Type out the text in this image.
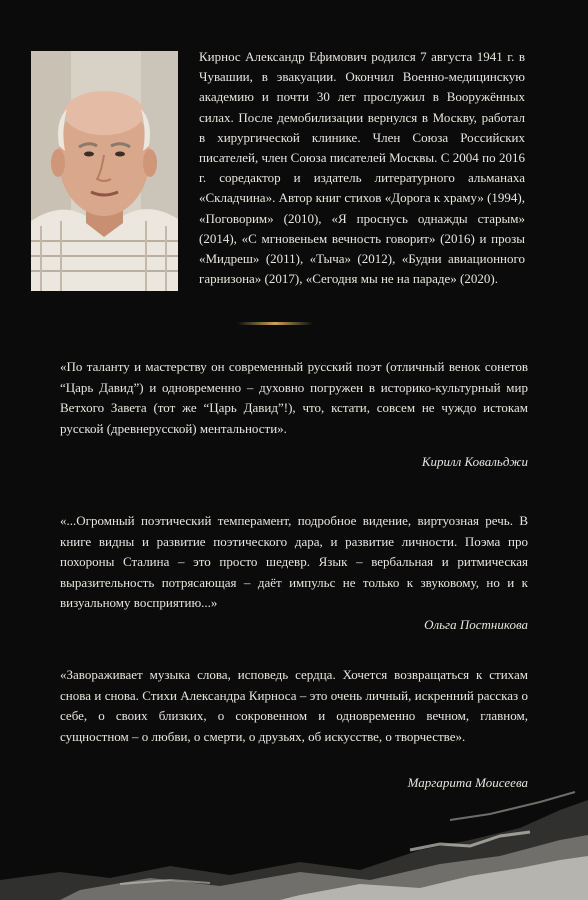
Кирнос Александр Ефимович родился 7 августа 1941 г. в Чувашии, в эвакуации. Окончил Военно-медицинскую академию и почти 30 лет прослужил в Вооружённых силах. После демобилизации вернулся в Москву, работал в хирургической клинике. Член Союза Российских писателей, член Союза писателей Москвы. С 2004 по 2016 г. соредактор и издатель литературного альманаха «Складчина». Автор книг стихов «Дорога к храму» (1994), «Поговорим» (2010), «Я проснусь однажды старым» (2014), «С мгновеньем вечность говорит» (2016) и прозы «Мидреш» (2011), «Тыча» (2012), «Будни авиационного гарнизона» (2017), «Сегодня мы не на параде» (2020).

«По таланту и мастерству он современный русский поэт (отличный венок сонетов “Царь Давид”) и одновременно – духовно погружен в историко-культурный мир Ветхого Завета (тот же “Царь Давид”!), что, кстати, совсем не чуждо истокам русской (древнерусской) ментальности».

Кирилл Ковальджи

«...Огромный поэтический темперамент, подробное видение, виртуозная речь. В книге видны и развитие поэтического дара, и развитие личности. Поэма про похороны Сталина – это просто шедевр. Язык – вербальная и ритмическая выразительность потрясающая – даёт импульс не только к звуковому, но и к визуальному восприятию...»

Ольга Постникова

«Завораживает музыка слова, исповедь сердца. Хочется возвращаться к стихам снова и снова. Стихи Александра Кирноса – это очень личный, искренний рассказ о себе, о своих близких, о сокровенном и одновременно вечном, главном, сущностном – о любви, о смерти, о друзьях, об искусстве, о творчестве».

Маргарита Моисеева
